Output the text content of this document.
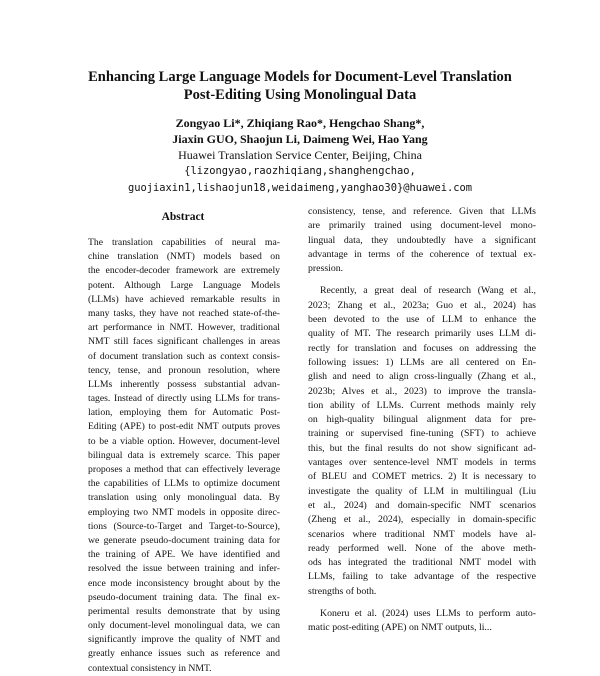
Enhancing Large Language Models for Document-Level Translation
Post-Editing Using Monolingual Data
Zongyao Li*, Zhiqiang Rao*, Hengchao Shang*,
Jiaxin GUO, Shaojun Li, Daimeng Wei, Hao Yang
Huawei Translation Service Center, Beijing, China
{lizongyao,raozhiqiang,shanghengchao,
guojiaxin1,lishaojun18,weidaimeng,yanghao30}@huawei.com
Abstract
The translation capabilities of neural ma-
chine translation (NMT) models based on
the encoder-decoder framework are extremely
potent. Although Large Language Models
(LLMs) have achieved remarkable results in
many tasks, they have not reached state-of-the-
art performance in NMT. However, traditional
NMT still faces significant challenges in areas
of document translation such as context consis-
tency, tense, and pronoun resolution, where
LLMs inherently possess substantial advan-
tages. Instead of directly using LLMs for trans-
lation, employing them for Automatic Post-
Editing (APE) to post-edit NMT outputs proves
to be a viable option. However, document-level
bilingual data is extremely scarce. This paper
proposes a method that can effectively leverage
the capabilities of LLMs to optimize document
translation using only monolingual data. By
employing two NMT models in opposite direc-
tions (Source-to-Target and Target-to-Source),
we generate pseudo-document training data for
the training of APE. We have identified and
resolved the issue between training and infer-
ence mode inconsistency brought about by the
pseudo-document training data. The final ex-
perimental results demonstrate that by using
only document-level monolingual data, we can
significantly improve the quality of NMT and
greatly enhance issues such as reference and
contextual consistency in NMT.
consistency, tense, and reference. Given that LLMs
are primarily trained using document-level mono-
lingual data, they undoubtedly have a significant
advantage in terms of the coherence of textual ex-
pression.
Recently, a great deal of research (Wang et al.,
2023; Zhang et al., 2023a; Guo et al., 2024) has
been devoted to the use of LLM to enhance the
quality of MT. The research primarily uses LLM di-
rectly for translation and focuses on addressing the
following issues: 1) LLMs are all centered on En-
glish and need to align cross-lingually (Zhang et al.,
2023b; Alves et al., 2023) to improve the transla-
tion ability of LLMs. Current methods mainly rely
on high-quality bilingual alignment data for pre-
training or supervised fine-tuning (SFT) to achieve
this, but the final results do not show significant ad-
vantages over sentence-level NMT models in terms
of BLEU and COMET metrics. 2) It is necessary to
investigate the quality of LLM in multilingual (Liu
et al., 2024) and domain-specific NMT scenarios
(Zheng et al., 2024), especially in domain-specific
scenarios where traditional NMT models have al-
ready performed well. None of the above meth-
ods has integrated the traditional NMT model with
LLMs, failing to take advantage of the respective
strengths of both.
Koneru et al. (2024) uses LLMs to perform auto-
matic post-editing (APE) on NMT outputs, li...
